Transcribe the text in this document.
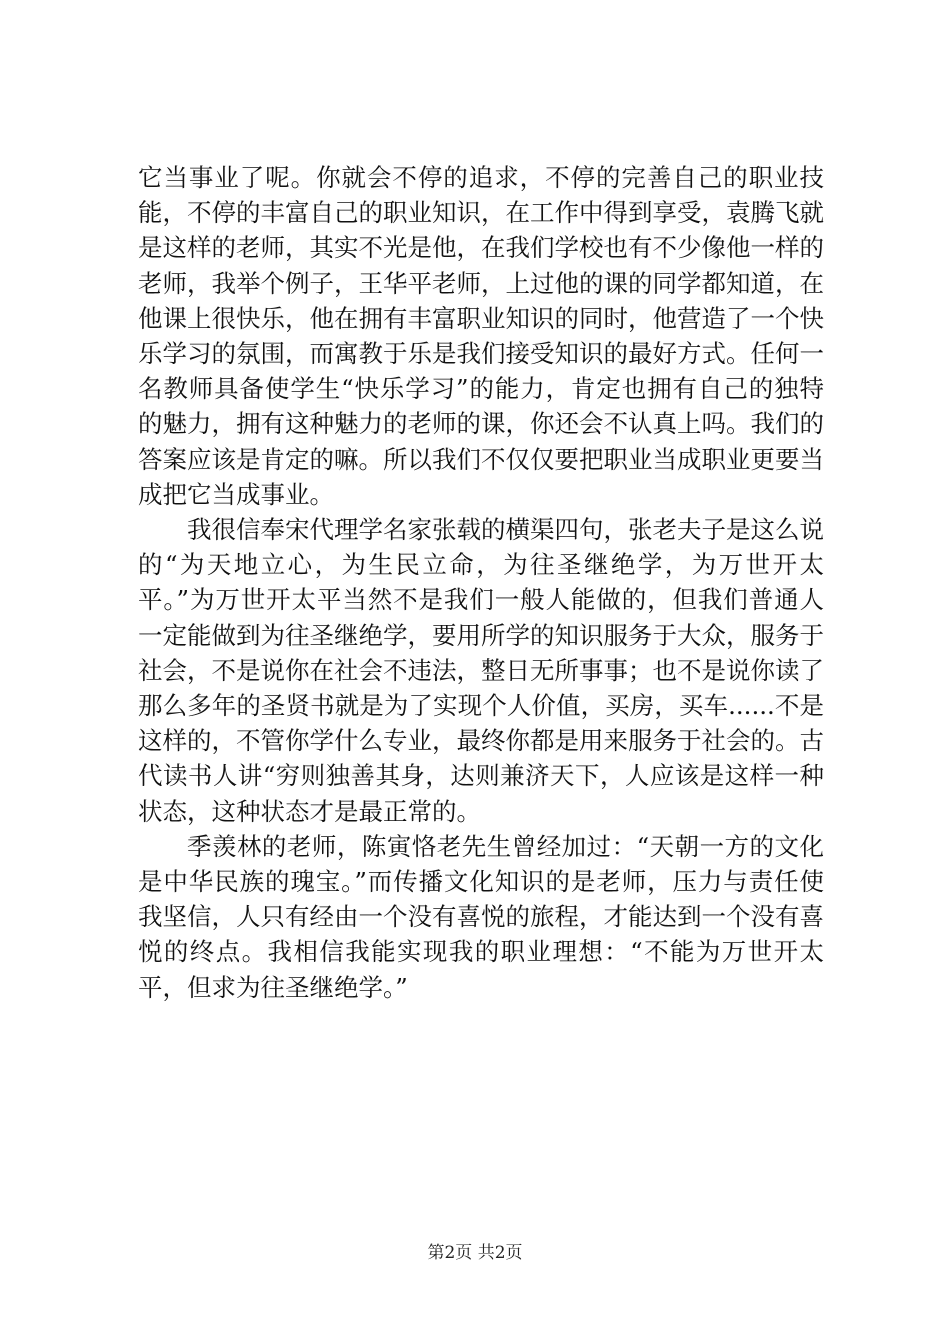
它当事业了呢。你就会不停的追求，不停的完善自己的职业技能，不停的丰富自己的职业知识，在工作中得到享受，袁腾飞就是这样的老师，其实不光是他，在我们学校也有不少像他一样的老师，我举个例子，王华平老师，上过他的课的同学都知道，在他课上很快乐，他在拥有丰富职业知识的同时，他营造了一个快乐学习的氛围，而寓教于乐是我们接受知识的最好方式。任何一名教师具备使学生“快乐学习”的能力，肯定也拥有自己的独特的魅力，拥有这种魅力的老师的课，你还会不认真上吗。我们的答案应该是肯定的嘛。所以我们不仅仅要把职业当成职业更要当成把它当成事业。

我很信奉宋代理学名家张载的横渠四句，张老夫子是这么说的“为天地立心，为生民立命，为往圣继绝学，为万世开太平。”为万世开太平当然不是我们一般人能做的，但我们普通人一定能做到为往圣继绝学，要用所学的知识服务于大众，服务于社会，不是说你在社会不违法，整日无所事事；也不是说你读了那么多年的圣贤书就是为了实现个人价值，买房，买车......不是这样的，不管你学什么专业，最终你都是用来服务于社会的。古代读书人讲“穷则独善其身，达则兼济天下，人应该是这样一种状态，这种状态才是最正常的。

季羡林的老师，陈寅恪老先生曾经加过：“天朝一方的文化是中华民族的瑰宝。”而传播文化知识的是老师，压力与责任使我坚信，人只有经由一个没有喜悦的旅程，才能达到一个没有喜悦的终点。我相信我能实现我的职业理想：“不能为万世开太平，但求为往圣继绝学。”

第2页 共2页
